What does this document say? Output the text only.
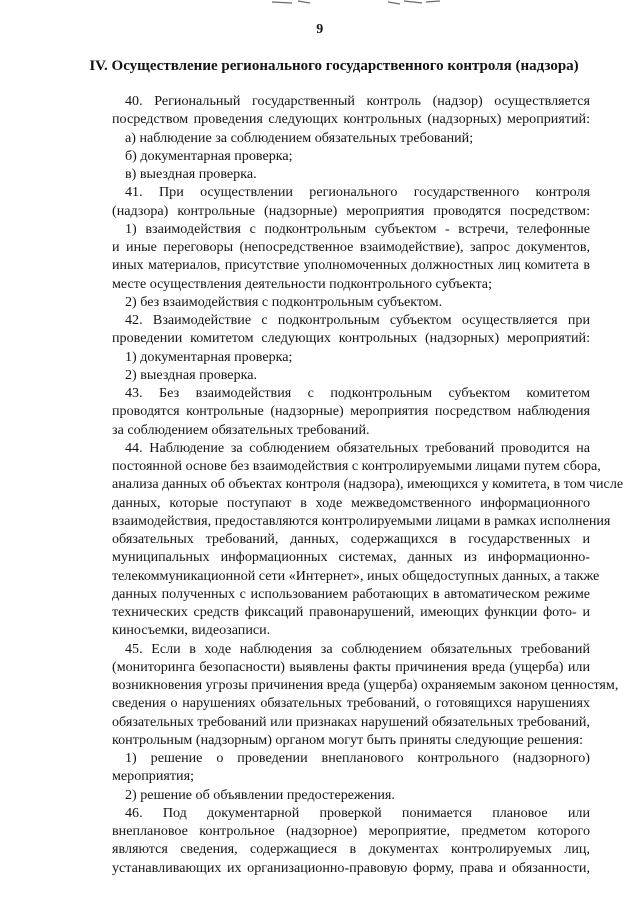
9
IV. Осуществление регионального государственного контроля (надзора)
40. Региональный государственный контроль (надзор) осуществляется
посредством проведения следующих контрольных (надзорных) мероприятий:
а) наблюдение за соблюдением обязательных требований;
б) документарная проверка;
в) выездная проверка.
41. При осуществлении регионального государственного контроля
(надзора) контрольные (надзорные) мероприятия проводятся посредством:
1) взаимодействия с подконтрольным субъектом - встречи, телефонные
и иные переговоры (непосредственное взаимодействие), запрос документов,
иных материалов, присутствие уполномоченных должностных лиц комитета в
месте осуществления деятельности подконтрольного субъекта;
2) без взаимодействия с подконтрольным субъектом.
42. Взаимодействие с подконтрольным субъектом осуществляется при
проведении комитетом следующих контрольных (надзорных) мероприятий:
1) документарная проверка;
2) выездная проверка.
43. Без взаимодействия с подконтрольным субъектом комитетом
проводятся контрольные (надзорные) мероприятия посредством наблюдения
за соблюдением обязательных требований.
44. Наблюдение за соблюдением обязательных требований проводится на
постоянной основе без взаимодействия с контролируемыми лицами путем сбора,
анализа данных об объектах контроля (надзора), имеющихся у комитета, в том числе
данных, которые поступают в ходе межведомственного информационного
взаимодействия, предоставляются контролируемыми лицами в рамках исполнения
обязательных требований, данных, содержащихся в государственных и
муниципальных информационных системах, данных из информационно-
телекоммуникационной сети «Интернет», иных общедоступных данных, а также
данных полученных с использованием работающих в автоматическом режиме
технических средств фиксаций правонарушений, имеющих функции фото- и
киносъемки, видеозаписи.
45. Если в ходе наблюдения за соблюдением обязательных требований
(мониторинга безопасности) выявлены факты причинения вреда (ущерба) или
возникновения угрозы причинения вреда (ущерба) охраняемым законом ценностям,
сведения о нарушениях обязательных требований, о готовящихся нарушениях
обязательных требований или признаках нарушений обязательных требований,
контрольным (надзорным) органом могут быть приняты следующие решения:
1) решение о проведении внепланового контрольного (надзорного)
мероприятия;
2) решение об объявлении предостережения.
46. Под документарной проверкой понимается плановое или
внеплановое контрольное (надзорное) мероприятие, предметом которого
являются сведения, содержащиеся в документах контролируемых лиц,
устанавливающих их организационно-правовую форму, права и обязанности,
